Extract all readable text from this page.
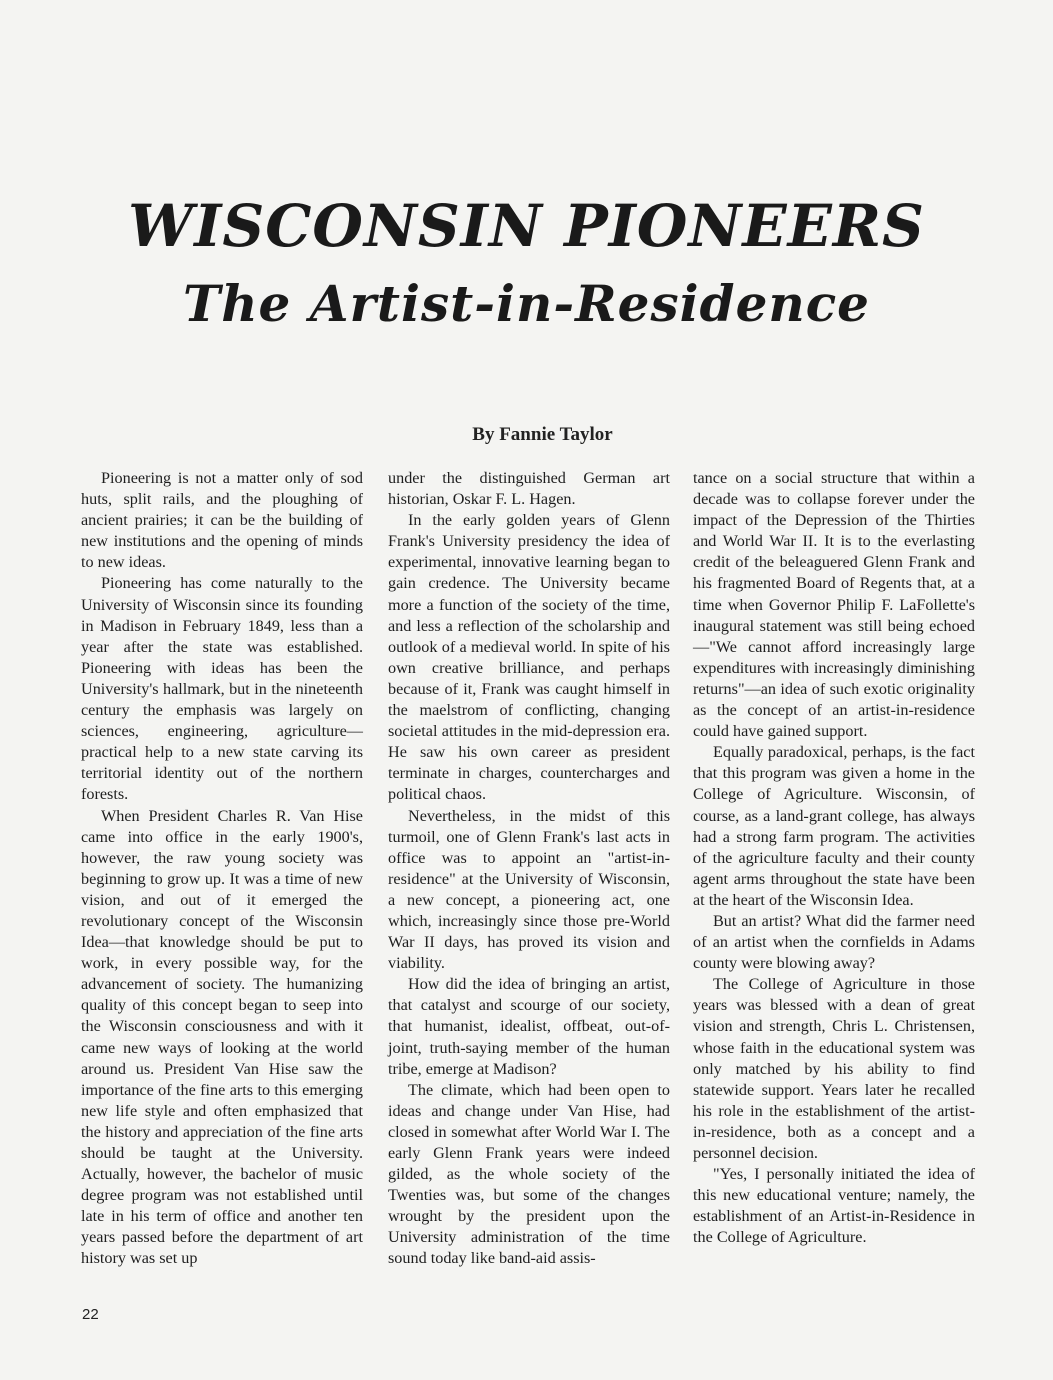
WISCONSIN PIONEERS
The Artist-in-Residence
By Fannie Taylor

Pioneering is not a matter only of sod huts, split rails, and the ploughing of ancient prairies; it can be the building of new institutions and the opening of minds to new ideas.

Pioneering has come naturally to the University of Wisconsin since its founding in Madison in February 1849, less than a year after the state was established. Pioneering with ideas has been the University's hallmark, but in the nineteenth century the emphasis was largely on sciences, engineering, agriculture—practical help to a new state carving its territorial identity out of the northern forests.

When President Charles R. Van Hise came into office in the early 1900's, however, the raw young society was beginning to grow up. It was a time of new vision, and out of it emerged the revolutionary concept of the Wisconsin Idea—that knowledge should be put to work, in every possible way, for the advancement of society. The humanizing quality of this concept began to seep into the Wisconsin consciousness and with it came new ways of looking at the world around us. President Van Hise saw the importance of the fine arts to this emerging new life style and often emphasized that the history and appreciation of the fine arts should be taught at the University. Actually, however, the bachelor of music degree program was not established until late in his term of office and another ten years passed before the department of art history was set up

under the distinguished German art historian, Oskar F. L. Hagen.

In the early golden years of Glenn Frank's University presidency the idea of experimental, innovative learning began to gain credence. The University became more a function of the society of the time, and less a reflection of the scholarship and outlook of a medieval world. In spite of his own creative brilliance, and perhaps because of it, Frank was caught himself in the maelstrom of conflicting, changing societal attitudes in the mid-depression era. He saw his own career as president terminate in charges, countercharges and political chaos.

Nevertheless, in the midst of this turmoil, one of Glenn Frank's last acts in office was to appoint an "artist-in-residence" at the University of Wisconsin, a new concept, a pioneering act, one which, increasingly since those pre-World War II days, has proved its vision and viability.

How did the idea of bringing an artist, that catalyst and scourge of our society, that humanist, idealist, offbeat, out-of-joint, truth-saying member of the human tribe, emerge at Madison?

The climate, which had been open to ideas and change under Van Hise, had closed in somewhat after World War I. The early Glenn Frank years were indeed gilded, as the whole society of the Twenties was, but some of the changes wrought by the president upon the University administration of the time sound today like band-aid assis-

tance on a social structure that within a decade was to collapse forever under the impact of the Depression of the Thirties and World War II. It is to the everlasting credit of the beleaguered Glenn Frank and his fragmented Board of Regents that, at a time when Governor Philip F. LaFollette's inaugural statement was still being echoed—"We cannot afford increasingly large expenditures with increasingly diminishing returns"—an idea of such exotic originality as the concept of an artist-in-residence could have gained support.

Equally paradoxical, perhaps, is the fact that this program was given a home in the College of Agriculture. Wisconsin, of course, as a land-grant college, has always had a strong farm program. The activities of the agriculture faculty and their county agent arms throughout the state have been at the heart of the Wisconsin Idea.

But an artist? What did the farmer need of an artist when the cornfields in Adams county were blowing away?

The College of Agriculture in those years was blessed with a dean of great vision and strength, Chris L. Christensen, whose faith in the educational system was only matched by his ability to find statewide support. Years later he recalled his role in the establishment of the artist-in-residence, both as a concept and a personnel decision.

"Yes, I personally initiated the idea of this new educational venture; namely, the establishment of an Artist-in-Residence in the College of Agriculture.

22
